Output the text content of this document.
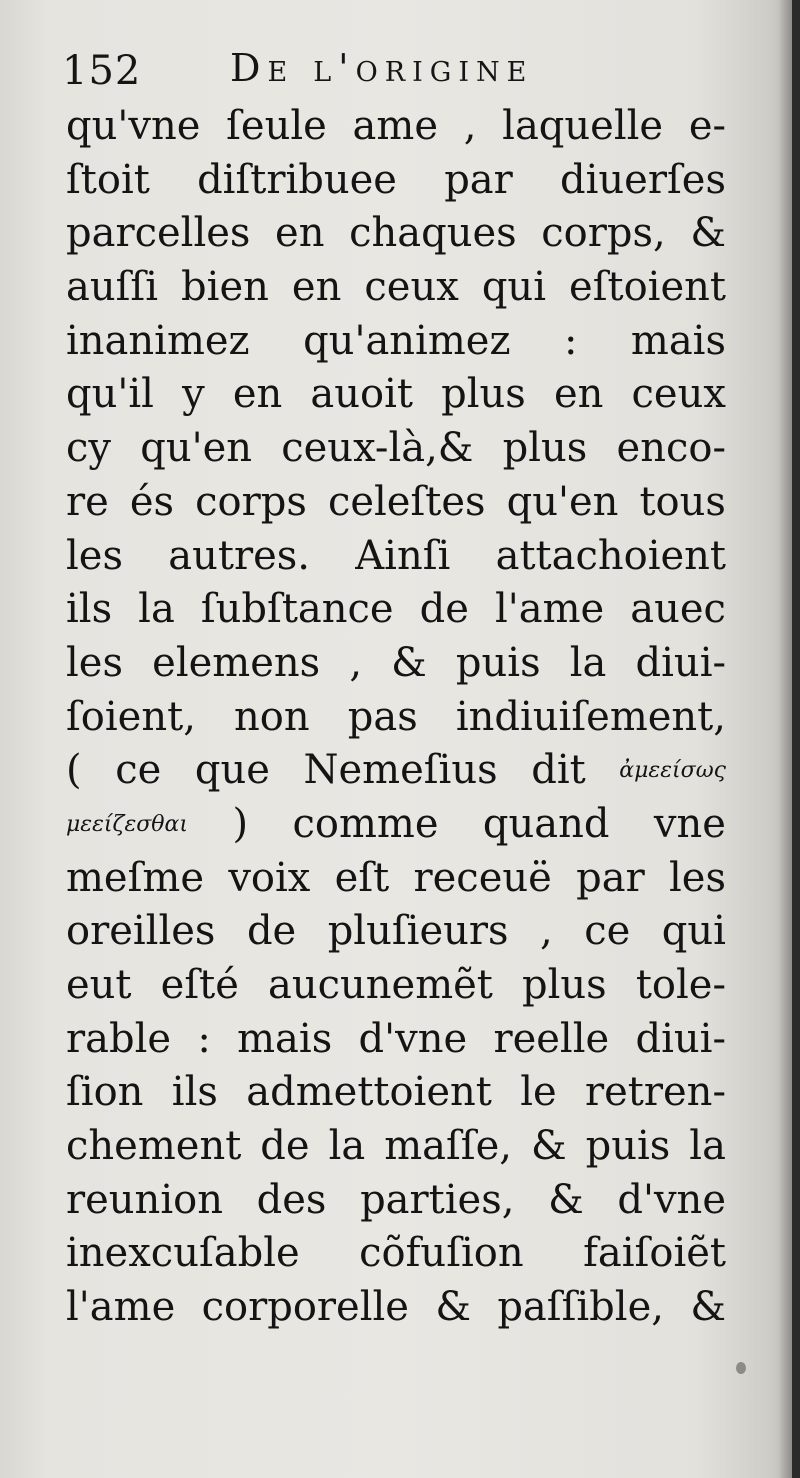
152 De l'origine
qu'vne ſeule ame , laquelle e-
ſtoit diſtribuee par diuerſes
parcelles en chaques corps, &
auſſi bien en ceux qui eſtoient
inanimez qu'animez : mais
qu'il y en auoit plus en ceux
cy qu'en ceux-là,& plus enco-
re és corps celeſtes qu'en tous
les autres. Ainſi attachoient
ils la ſubſtance de l'ame auec
les elemens , & puis la diui-
ſoient, non pas indiuiſement,
( ce que Nemeſius dit ἀμεείσως
μεείζεσθαι ) comme quand vne
meſme voix eſt receuë par les
oreilles de pluſieurs , ce qui
eut eſté aucunemẽt plus tole-
rable : mais d'vne reelle diui-
ſion ils admettoient le retren-
chement de la maſſe, & puis la
reunion des parties, & d'vne
inexcuſable cõfuſion faiſoiẽt
l'ame corporelle & paſſible, &
